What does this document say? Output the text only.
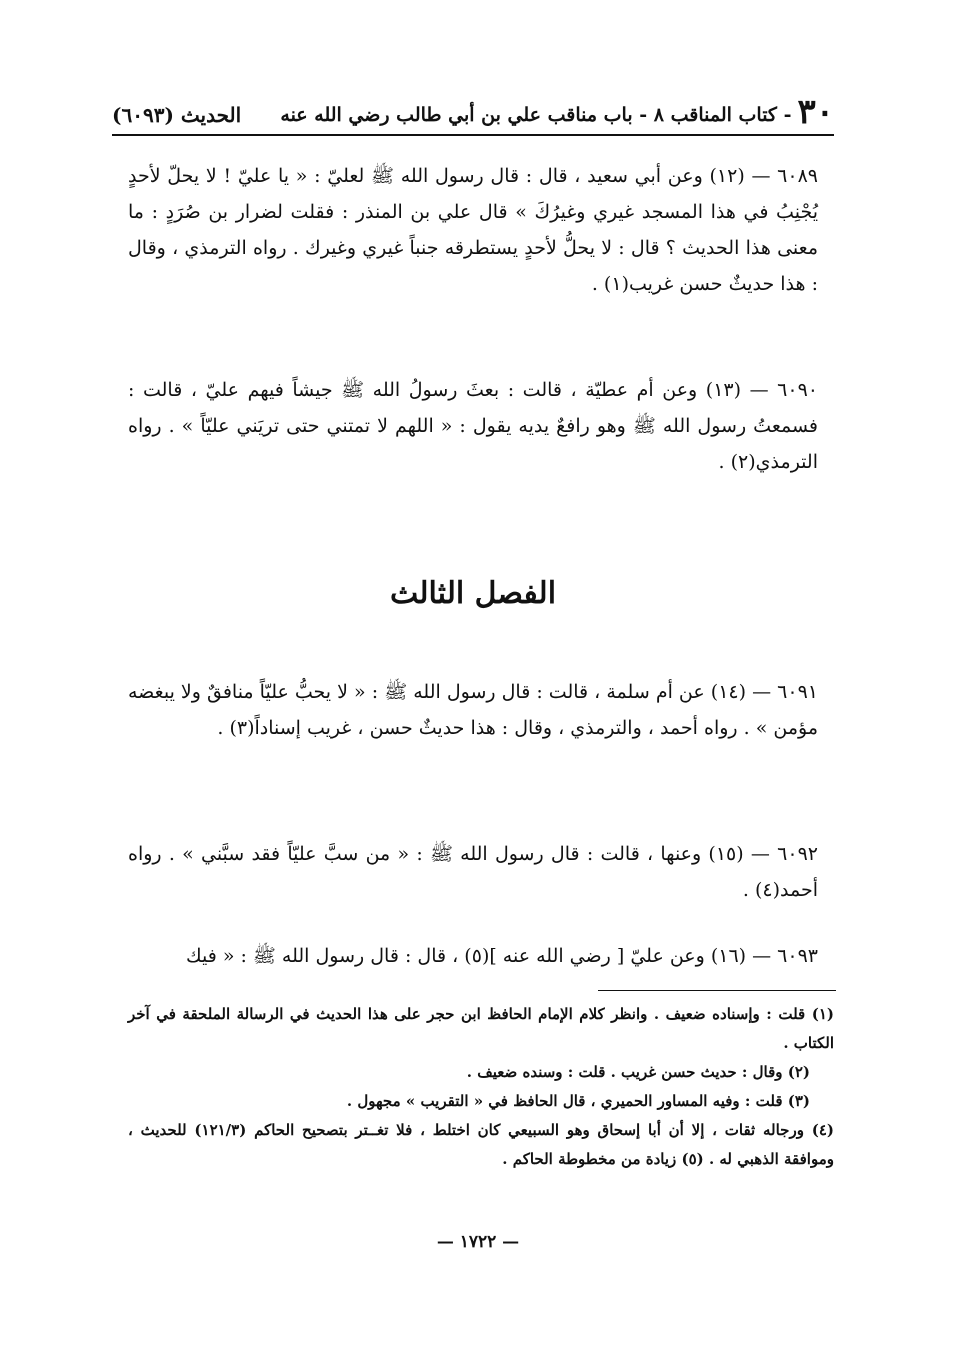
٣٠
- كتاب المناقب ٨ - باب مناقب علي بن أبي طالب رضي الله عنه
الحديث (٦٠٩٣)

٦٠٨٩ — (١٢) وعن أبي سعيد ، قال : قال رسول الله ﷺ لعليّ : « يا عليّ ! لا يحلّ لأحدٍ يُجْنِبُ في هذا المسجد غيري وغيرُكَ » قال علي بن المنذر : فقلت لضرار بن صُرَدٍ : ما معنى هذا الحديث ؟ قال : لا يحلُّ لأحدٍ يستطرقه جنباً غيري وغيرك . رواه الترمذي ، وقال : هذا حديثٌ حسن غريب(١) .

٦٠٩٠ — (١٣) وعن أم عطيّة ، قالت : بعثَ رسولُ الله ﷺ جيشاً فيهم عليّ ، قالت : فسمعتُ رسول الله ﷺ وهو رافعٌ يديه يقول : « اللهم لا تمتني حتى تريَني عليّاً » . رواه الترمذي(٢) .

الفصل الثالث

٦٠٩١ — (١٤) عن أم سلمة ، قالت : قال رسول الله ﷺ : « لا يحبُّ عليّاً منافقٌ ولا يبغضه مؤمن » . رواه أحمد ، والترمذي ، وقال : هذا حديثٌ حسن ، غريب إسناداً(٣) .

٦٠٩٢ — (١٥) وعنها ، قالت : قال رسول الله ﷺ : « من سبَّ عليّاً فقد سبَّني » . رواه أحمد(٤) .

٦٠٩٣ — (١٦) وعن عليّ [ رضي الله عنه ](٥) ، قال : قال رسول الله ﷺ : « فيك

(١) قلت : وإسناده ضعيف . وانظر كلام الإمام الحافظ ابن حجر على هذا الحديث في الرسالة الملحقة في آخر الكتاب .

(٢) وقال : حديث حسن غريب . قلت : وسنده ضعيف .

(٣) قلت : وفيه المساور الحميري ، قال الحافظ في « التقريب » مجهول .

(٤) ورجاله ثقات ، إلا أن أبا إسحاق وهو السبيعي كان اختلط ، فلا تغــتر بتصحيح الحاكم (١٢١/٣) للحديث ، وموافقة الذهبي له . (٥) زيادة من مخطوطة الحاكم .

— ١٧٢٢ —
